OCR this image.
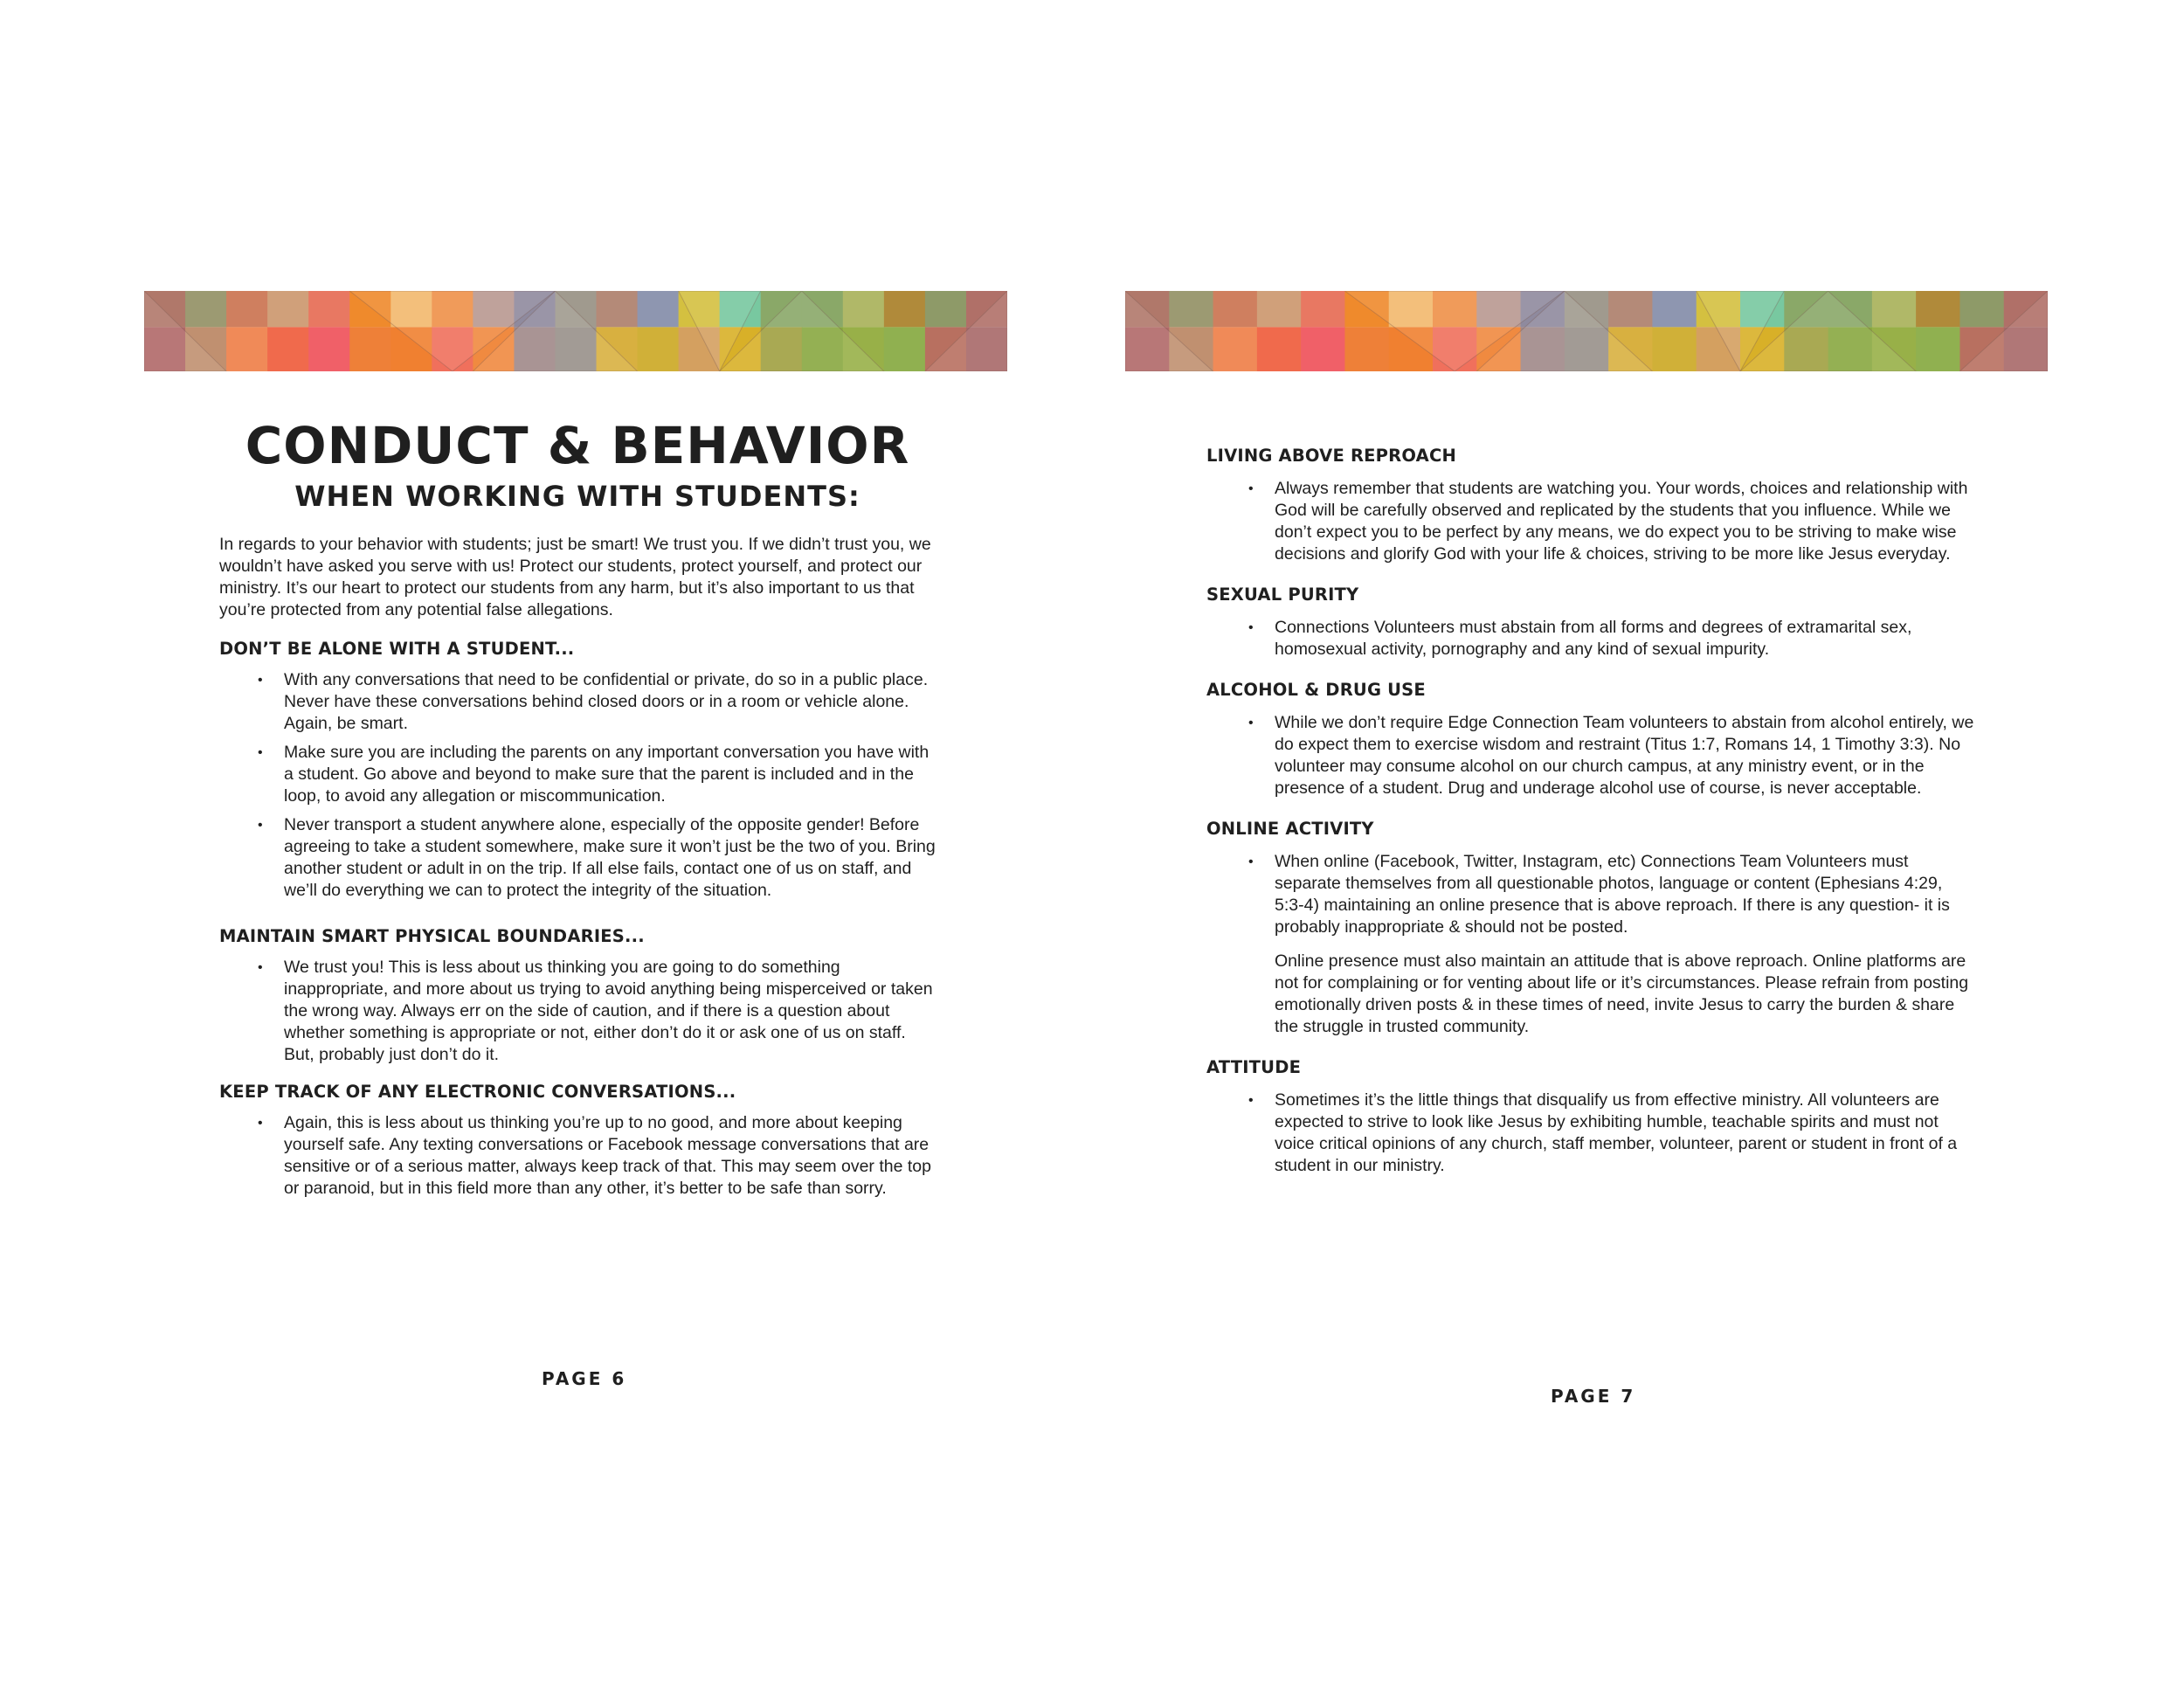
CONDUCT & BEHAVIOR
WHEN WORKING WITH STUDENTS:

In regards to your behavior with students; just be smart! We trust you. If we didn’t trust you, we wouldn’t have asked you serve with us! Protect our students, protect yourself, and protect our ministry. It’s our heart to protect our students from any harm, but it’s also important to us that you’re protected from any potential false allegations.

DON’T BE ALONE WITH A STUDENT...
• With any conversations that need to be confidential or private, do so in a public place. Never have these conversations behind closed doors or in a room or vehicle alone. Again, be smart.
• Make sure you are including the parents on any important conversation you have with a student. Go above and beyond to make sure that the parent is included and in the loop, to avoid any allegation or miscommunication.
• Never transport a student anywhere alone, especially of the opposite gender! Before agreeing to take a student somewhere, make sure it won’t just be the two of you. Bring another student or adult in on the trip. If all else fails, contact one of us on staff, and we’ll do everything we can to protect the integrity of the situation.
MAINTAIN SMART PHYSICAL BOUNDARIES...
• We trust you! This is less about us thinking you are going to do something inappropriate, and more about us trying to avoid anything being misperceived or taken the wrong way. Always err on the side of caution, and if there is a question about whether something is appropriate or not, either don’t do it or ask one of us on staff. But, probably just don’t do it.
KEEP TRACK OF ANY ELECTRONIC CONVERSATIONS...
• Again, this is less about us thinking you’re up to no good, and more about keeping yourself safe. Any texting conversations or Facebook message conversations that are sensitive or of a serious matter, always keep track of that. This may seem over the top or paranoid, but in this field more than any other, it’s better to be safe than sorry.
PAGE 6
LIVING ABOVE REPROACH
• Always remember that students are watching you. Your words, choices and relationship with God will be carefully observed and replicated by the students that you influence. While we don’t expect you to be perfect by any means, we do expect you to be striving to make wise decisions and glorify God with your life & choices, striving to be more like Jesus everyday.
SEXUAL PURITY
• Connections Volunteers must abstain from all forms and degrees of extramarital sex, homosexual activity, pornography and any kind of sexual impurity.
ALCOHOL & DRUG USE
• While we don’t require Edge Connection Team volunteers to abstain from alcohol entirely, we do expect them to exercise wisdom and restraint (Titus 1:7, Romans 14, 1 Timothy 3:3). No volunteer may consume alcohol on our church campus, at any ministry event, or in the presence of a student. Drug and underage alcohol use of course, is never acceptable.
ONLINE ACTIVITY
• When online (Facebook, Twitter, Instagram, etc) Connections Team Volunteers must separate themselves from all questionable photos, language or content (Ephesians 4:29, 5:3-4) maintaining an online presence that is above reproach. If there is any question- it is probably inappropriate & should not be posted.

Online presence must also maintain an attitude that is above reproach. Online platforms are not for complaining or for venting about life or it’s circumstances. Please refrain from posting emotionally driven posts & in these times of need, invite Jesus to carry the burden & share the struggle in trusted community.

ATTITUDE
• Sometimes it’s the little things that disqualify us from effective ministry. All volunteers are expected to strive to look like Jesus by exhibiting humble, teachable spirits and must not voice critical opinions of any church, staff member, volunteer, parent or student in front of a student in our ministry.
PAGE 7
